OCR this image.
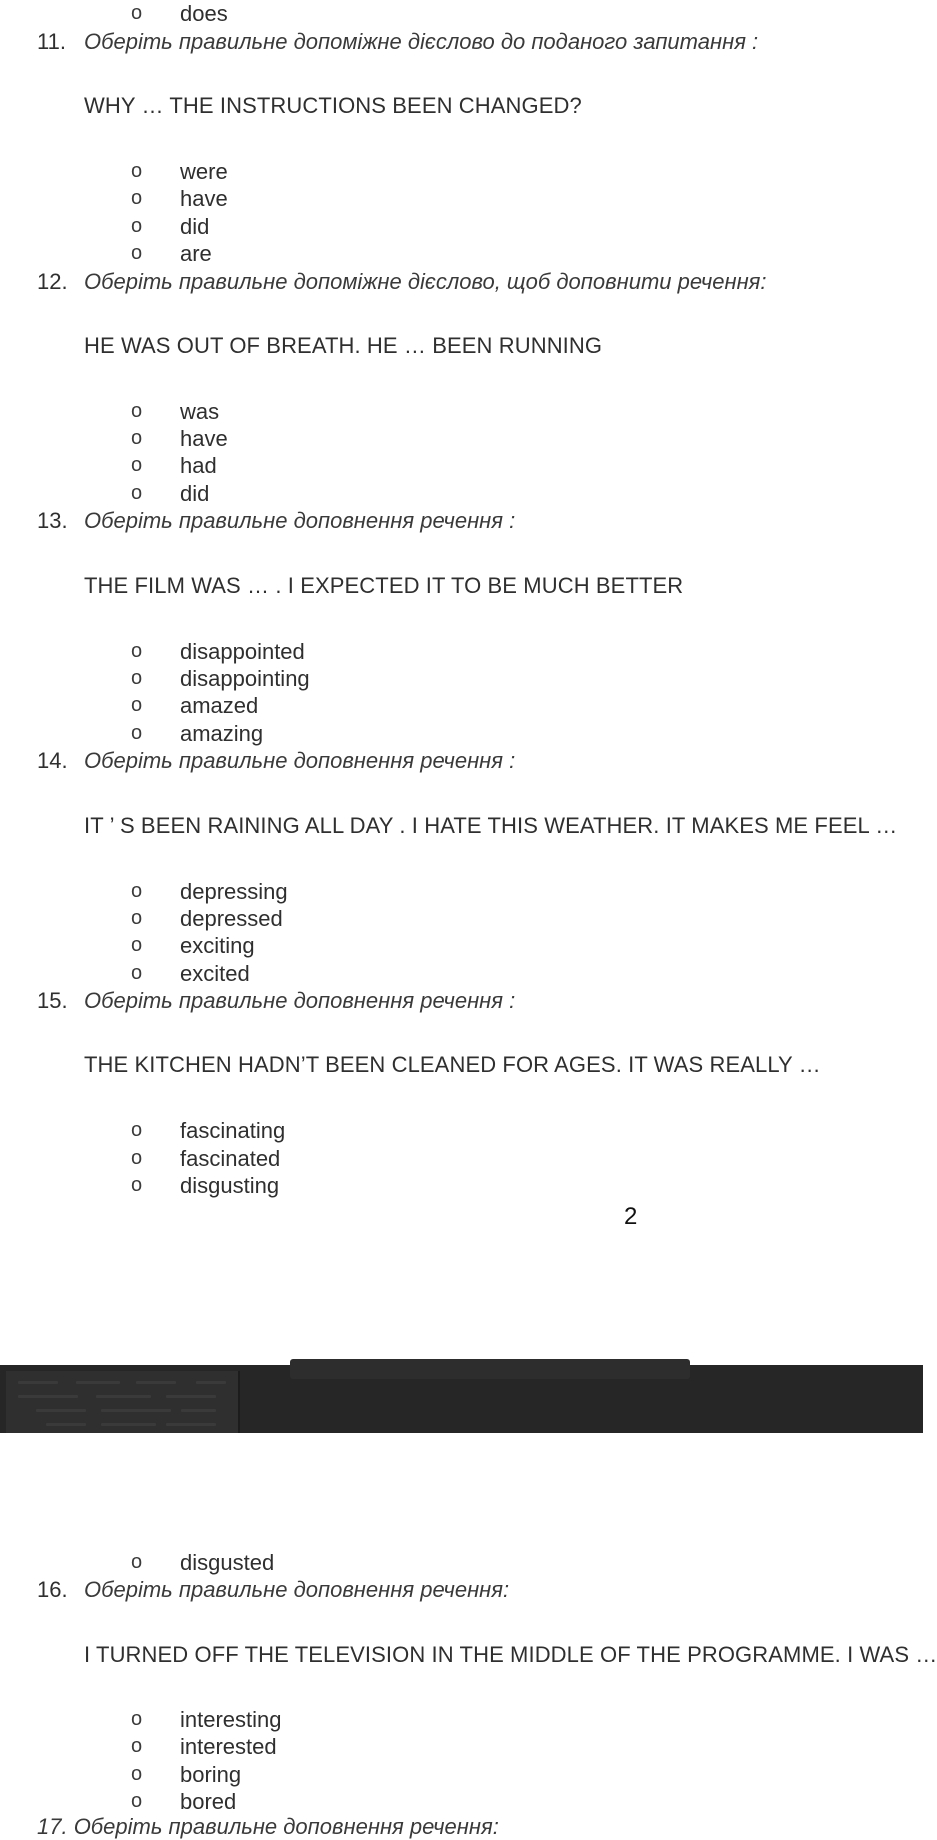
o does
11. Оберіть правильне допоміжне дієслово до поданого запитання :
WHY … THE INSTRUCTIONS BEEN CHANGED?
o were
o have
o did
o are
12. Оберіть правильне допоміжне дієслово, щоб доповнити речення:
HE WAS OUT OF BREATH. HE … BEEN RUNNING
o was
o have
o had
o did
13. Оберіть правильне доповнення речення :
THE FILM WAS … . I EXPECTED IT TO BE MUCH BETTER
o disappointed
o disappointing
o amazed
o amazing
14. Оберіть правильне доповнення речення :
IT ’ S BEEN RAINING ALL DAY . I HATE THIS WEATHER. IT MAKES ME FEEL …
o depressing
o depressed
o exciting
o excited
15. Оберіть правильне доповнення речення :
THE KITCHEN HADN’T BEEN CLEANED FOR AGES. IT WAS REALLY …
o fascinating
o fascinated
o disgusting
2
o disgusted
16. Оберіть правильне доповнення речення:
I TURNED OFF THE TELEVISION IN THE MIDDLE OF THE PROGRAMME. I WAS …
o interesting
o interested
o boring
o bored
17. Оберіть правильне доповнення речення:
